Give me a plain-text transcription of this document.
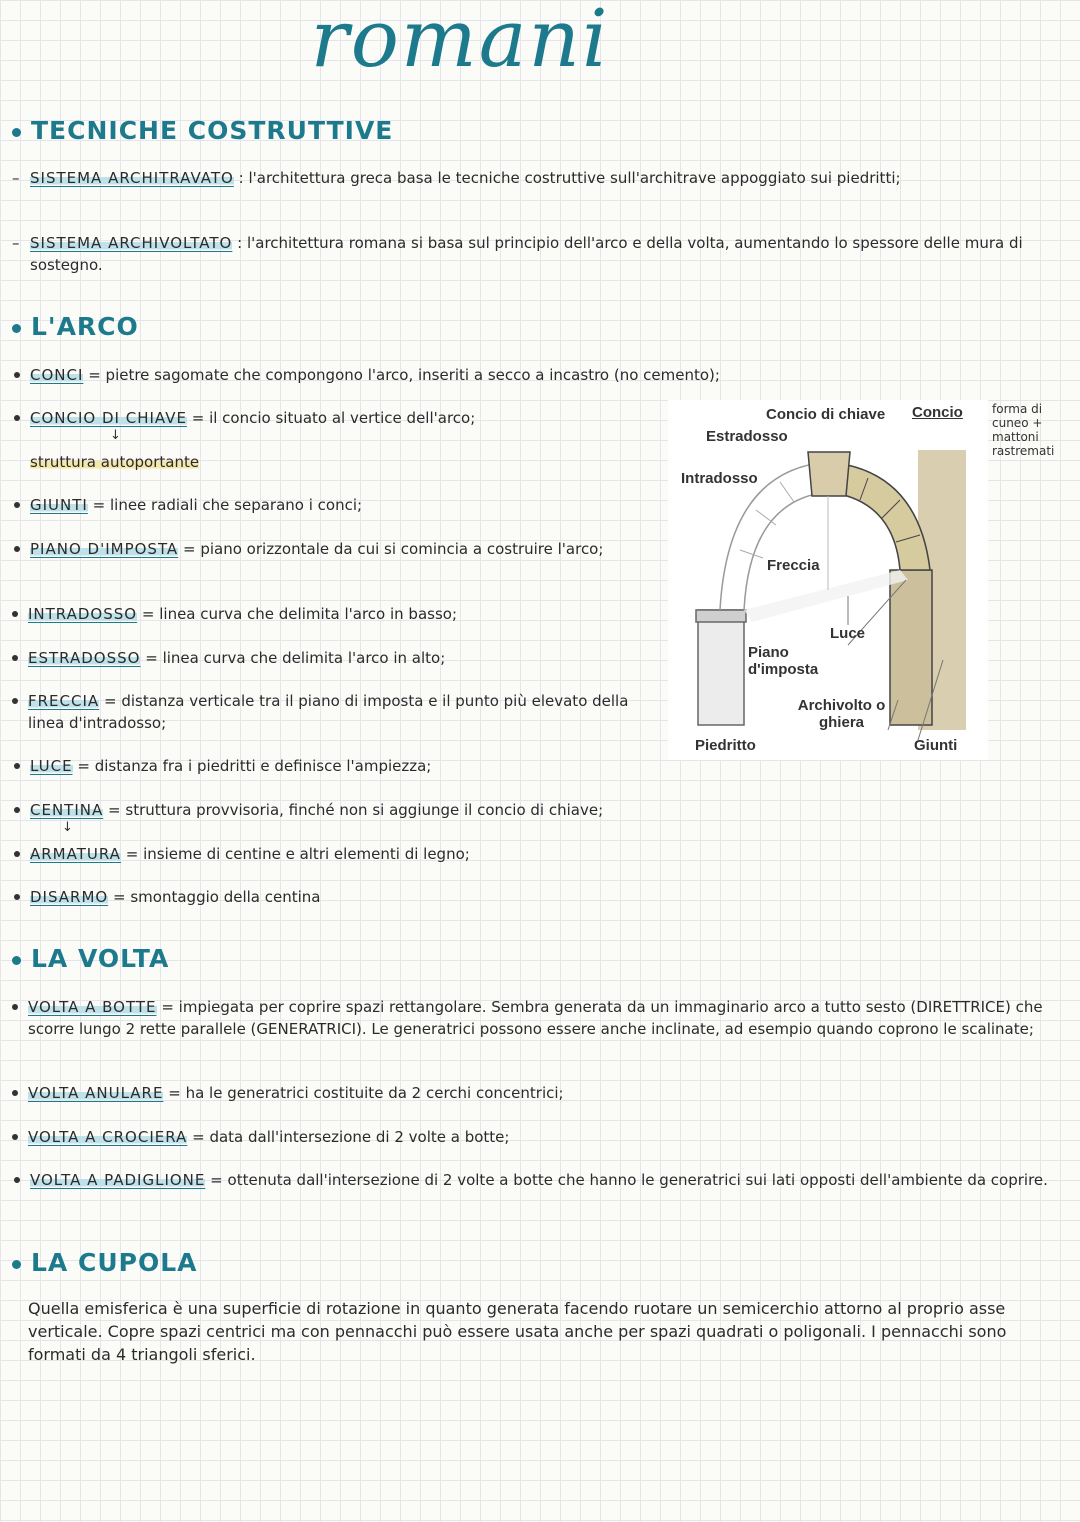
romani
TECNICHE COSTRUTTIVE
– SISTEMA ARCHITRAVATO : l'architettura greca basa le tecniche costruttive sull'architrave appoggiato sui piedritti;
– SISTEMA ARCHIVOLTATO : l'architettura romana si basa sul principio dell'arco e della volta, aumentando lo spessore delle mura di sostegno.
L'ARCO
CONCI = pietre sagomate che compongono l'arco, inseriti a secco a incastro (no cemento);
CONCIO DI CHIAVE = il concio situato al vertice dell'arco;
↓
struttura autoportante
GIUNTI = linee radiali che separano i conci;
PIANO D'IMPOSTA = piano orizzontale da cui si comincia a costruire l'arco;
INTRADOSSO = linea curva che delimita l'arco in basso;
ESTRADOSSO = linea curva che delimita l'arco in alto;
FRECCIA = distanza verticale tra il piano di imposta e il punto più elevato della linea d'intradosso;
LUCE = distanza fra i piedritti e definisce l'ampiezza;
CENTINA = struttura provvisoria, finché non si aggiunge il concio di chiave;
↓
ARMATURA = insieme di centine e altri elementi di legno;
DISARMO = smontaggio della centina
Concio di chiave Concio
Estradosso
Intradosso
Freccia
Luce
Piano d'imposta
Archivolto o ghiera
Piedritto	Giunti
forma di cuneo + mattoni rastremati
LA VOLTA
VOLTA A BOTTE = impiegata per coprire spazi rettangolare. Sembra generata da un immaginario arco a tutto sesto (DIRETTRICE) che scorre lungo 2 rette parallele (GENERATRICI). Le generatrici possono essere anche inclinate, ad esempio quando coprono le scalinate;
VOLTA ANULARE = ha le generatrici costituite da 2 cerchi concentrici;
VOLTA A CROCIERA = data dall'intersezione di 2 volte a botte;
VOLTA A PADIGLIONE = ottenuta dall'intersezione di 2 volte a botte che hanno le generatrici sui lati opposti dell'ambiente da coprire.
LA CUPOLA
Quella emisferica è una superficie di rotazione in quanto generata facendo ruotare un semicerchio attorno al proprio asse verticale. Copre spazi centrici ma con pennacchi può essere usata anche per spazi quadrati o poligonali. I pennacchi sono formati da 4 triangoli sferici.
